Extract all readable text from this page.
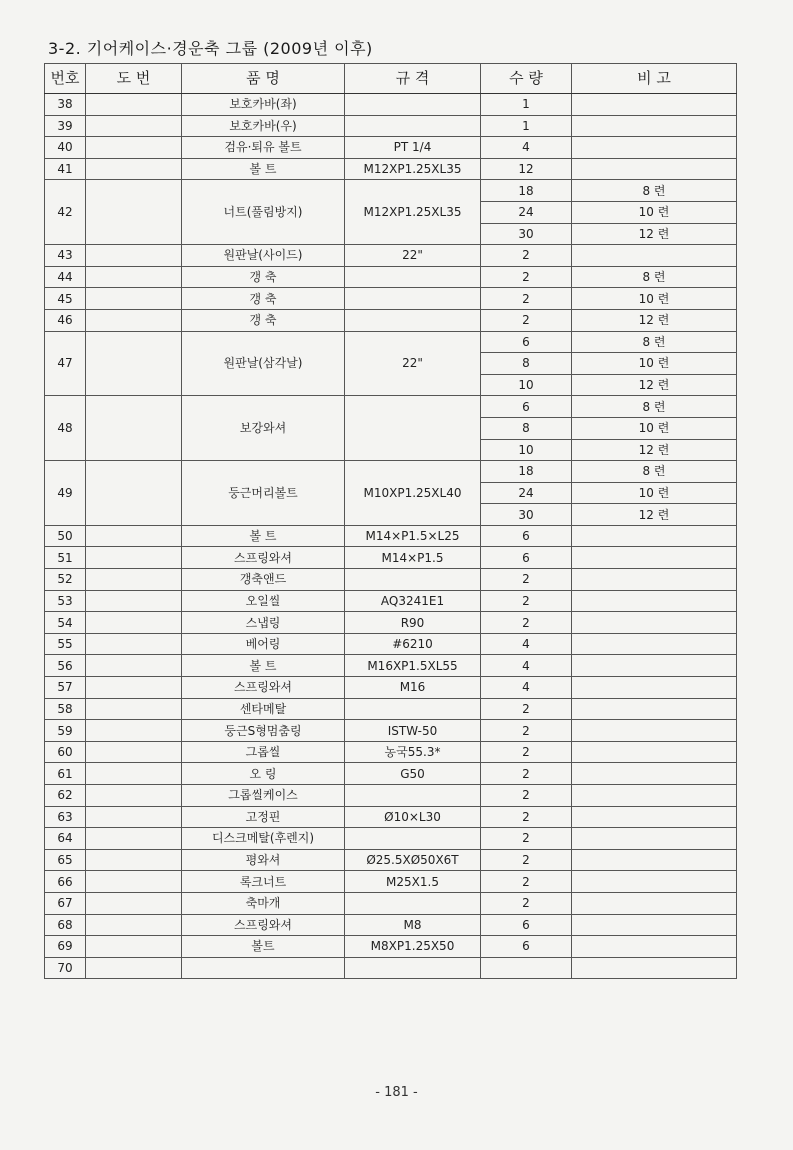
3-2. 기어케이스·경운축 그룹 (2009년 이후)
번호	도 번	품 명	규 격	수 량	비 고
38		보호카바(좌)		1	
39		보호카바(우)		1	
40		검유·퇴유 볼트	PT 1/4	4	
41		볼 트	M12XP1.25XL35	12	
42		너트(풀림방지)	M12XP1.25XL35	18	8 련
				24	10 련
				30	12 련
43		원판날(사이드)	22"	2	
44		갱 축		2	8 련
45		갱 축		2	10 련
46		갱 축		2	12 련
47		원판날(삼각날)	22"	6	8 련
				8	10 련
				10	12 련
48		보강와셔		6	8 련
				8	10 련
				10	12 련
49		둥근머리볼트	M10XP1.25XL40	18	8 련
				24	10 련
				30	12 련
50		볼 트	M14×P1.5×L25	6	
51		스프링와셔	M14×P1.5	6	
52		갱축앤드		2	
53		오일씰	AQ3241E1	2	
54		스냅링	R90	2	
55		베어링	#6210	4	
56		볼 트	M16XP1.5XL55	4	
57		스프링와셔	M16	4	
58		센타메탈		2	
59		둥근S형멈춤링	ISTW-50	2	
60		그롭씰	농국55.3*	2	
61		오 링	G50	2	
62		그롭씰케이스		2	
63		고정핀	Ø10×L30	2	
64		디스크메탈(후렌지)		2	
65		평와셔	Ø25.5XØ50X6T	2	
66		록크너트	M25X1.5	2	
67		축마개		2	
68		스프링와셔	M8	6	
69		볼트	M8XP1.25X50	6	
70					
- 181 -
